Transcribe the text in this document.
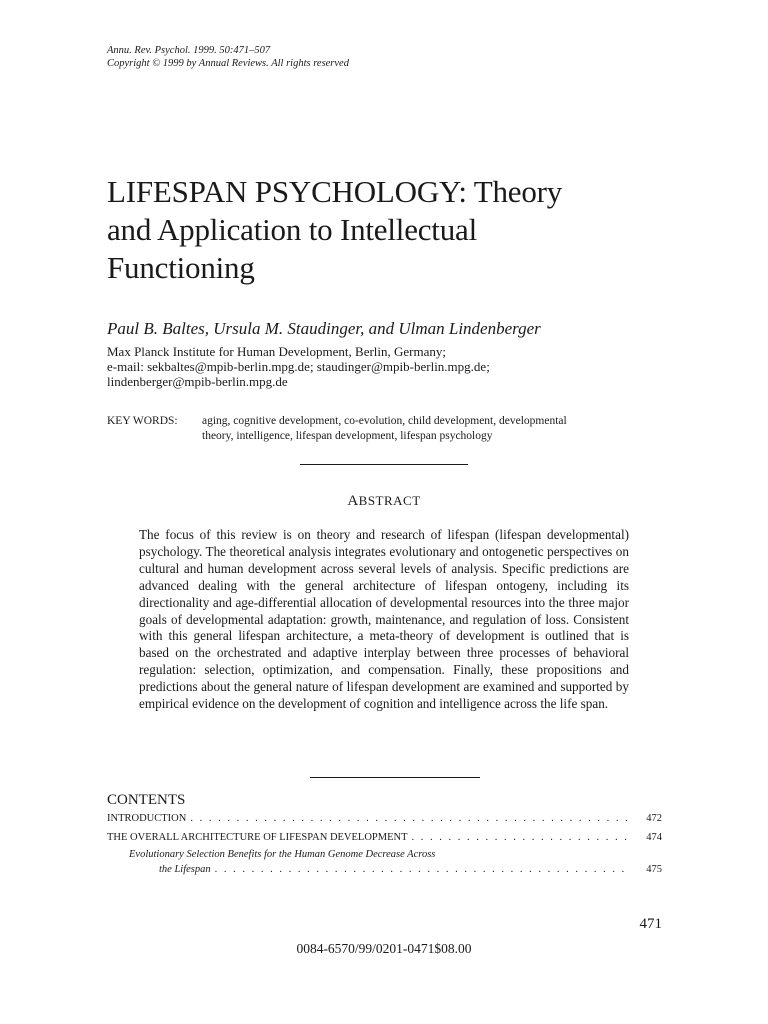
Annu. Rev. Psychol. 1999. 50:471–507
Copyright © 1999 by Annual Reviews. All rights reserved
LIFESPAN PSYCHOLOGY: Theory
and Application to Intellectual
Functioning
Paul B. Baltes, Ursula M. Staudinger, and Ulman Lindenberger
Max Planck Institute for Human Development, Berlin, Germany;
e-mail: sekbaltes@mpib-berlin.mpg.de; staudinger@mpib-berlin.mpg.de;
lindenberger@mpib-berlin.mpg.de
KEY WORDS: aging, cognitive development, co-evolution, child development, developmental
theory, intelligence, lifespan development, lifespan psychology
ABSTRACT
The focus of this review is on theory and research of lifespan (lifespan developmental) psychology. The theoretical analysis integrates evolutionary and ontogenetic perspectives on cultural and human development across several levels of analysis. Specific predictions are advanced dealing with the general architecture of lifespan ontogeny, including its directionality and age-differential allocation of developmental resources into the three major goals of developmental adaptation: growth, maintenance, and regulation of loss. Consistent with this general lifespan architecture, a meta-theory of development is outlined that is based on the orchestrated and adaptive interplay between three processes of behavioral regulation: selection, optimization, and compensation. Finally, these propositions and predictions about the general nature of lifespan development are examined and supported by empirical evidence on the development of cognition and intelligence across the life span.
CONTENTS
INTRODUCTION . . .	472
THE OVERALL ARCHITECTURE OF LIFESPAN DEVELOPMENT . . .	474
Evolutionary Selection Benefits for the Human Genome Decrease Across
the Lifespan . . .	475
471
0084-6570/99/0201-0471$08.00
